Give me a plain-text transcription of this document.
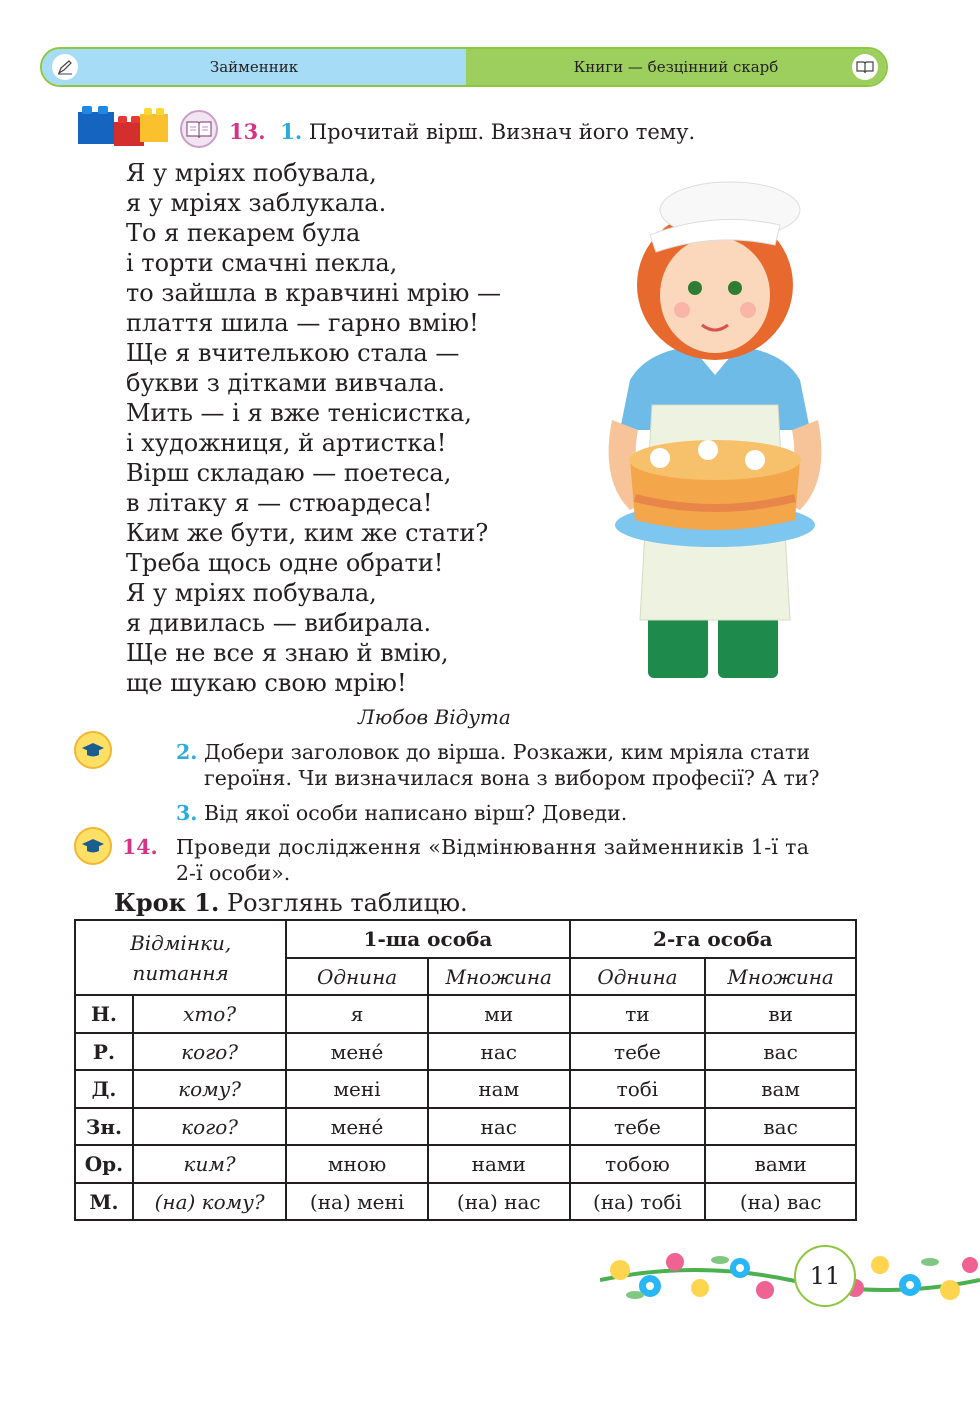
Займенник	Книги — безцінний скарб
13. 1. Прочитай вірш. Визнач його тему.
Я у мріях побувала,
я у мріях заблукала.
То я пекарем була
і торти смачні пекла,
то зайшла в кравчині мрію —
плаття шила — гарно вмію!
Ще я вчителькою стала —
букви з дітками вивчала.
Мить — і я вже тенісистка,
і художниця, й артистка!
Вірш складаю — поетеса,
в літаку я — стюардеса!
Ким же бути, ким же стати?
Треба щось одне обрати!
Я у мріях побувала,
я дивилась — вибирала.
Ще не все я знаю й вмію,
ще шукаю свою мрію!
Любов Відута
2. Добери заголовок до вірша. Розкажи, ким мріяла стати
героїня. Чи визначилася вона з вибором професії? А ти?
3. Від якої особи написано вірш? Доведи.
14. Проведи дослідження «Відмінювання займенників 1-ї та
2-ї особи».
Крок 1. Розглянь таблицю.
Відмінки,
питання		1-ша особа		2-га особа	
		Однина	Множина	Однина	Множина
Н.	хто?	я	ми	ти	ви
Р.	кого?	мене́	нас	тебе	вас
Д.	кому?	мені	нам	тобі	вам
Зн.	кого?	мене́	нас	тебе	вас
Ор.	ким?	мною	нами	тобою	вами
М.	(на) кому?	(на) мені	(на) нас	(на) тобі	(на) вас
11
